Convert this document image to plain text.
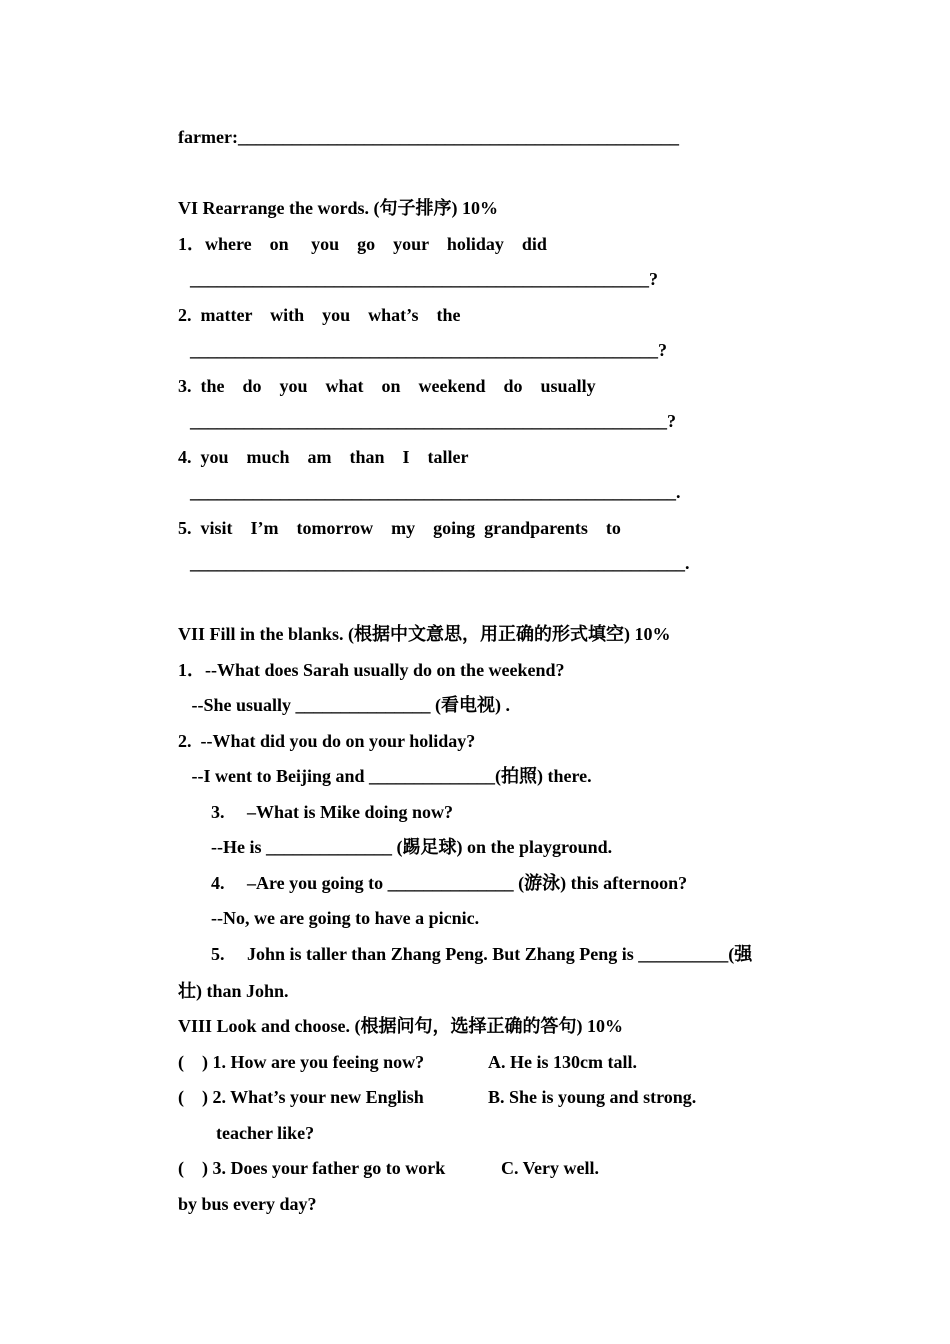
farmer:_________________________________________________
VI Rearrange the words. (句子排序) 10%
1．where    on     you    go    your    holiday    did
___________________________________________________?
2.  matter    with    you    what’s    the
____________________________________________________?
3.  the    do    you    what    on    weekend    do    usually
_____________________________________________________?
4.  you    much    am    than    I    taller
______________________________________________________.
5.  visit    I’m    tomorrow    my    going  grandparents    to
_______________________________________________________.
VII Fill in the blanks. (根据中文意思，用正确的形式填空) 10%
1．--What does Sarah usually do on the weekend?
--She usually _______________ (看电视) .
2.  --What did you do on your holiday?
--I went to Beijing and ______________(拍照) there.
3.     –What is Mike doing now?
--He is ______________ (踢足球) on the playground.
4.     –Are you going to ______________ (游泳) this afternoon?
--No, we are going to have a picnic.
5.     John is taller than Zhang Peng. But Zhang Peng is __________(强
壮) than John.
VIII Look and choose. (根据问句，选择正确的答句) 10%
(    ) 1. How are you feeing now?	A. He is 130cm tall.
(    ) 2. What’s your new English	B. She is young and strong.
teacher like?
(    ) 3. Does your father go to work	C. Very well.
by bus every day?
